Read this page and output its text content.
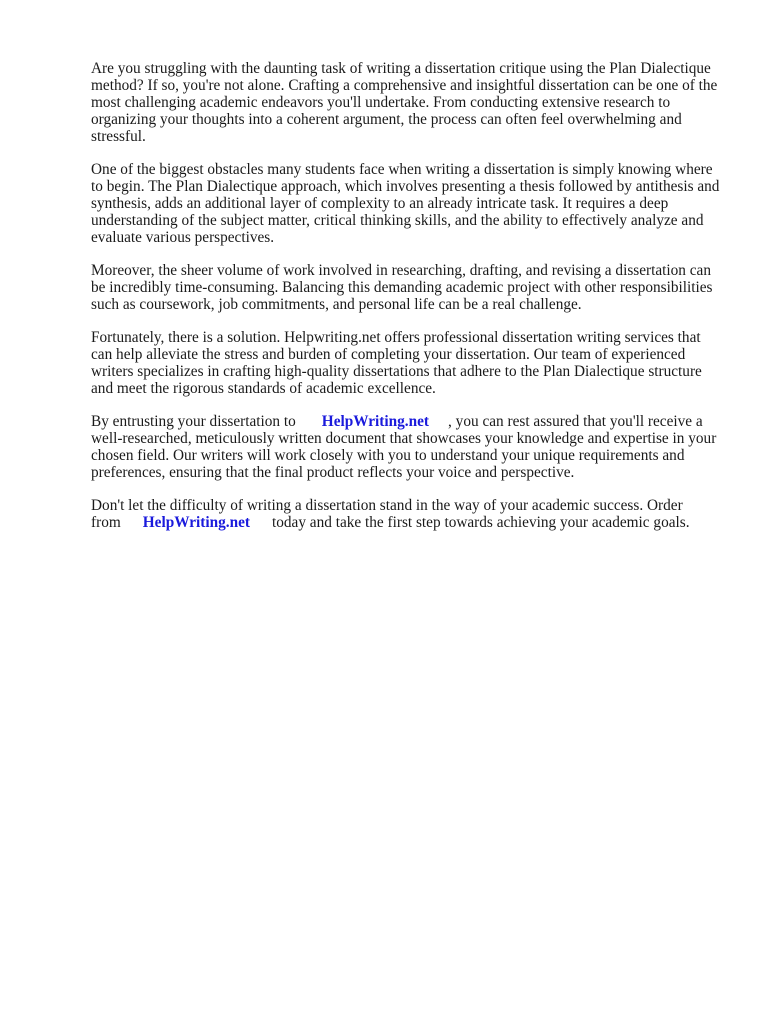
Are you struggling with the daunting task of writing a dissertation critique using the Plan Dialectique method? If so, you're not alone. Crafting a comprehensive and insightful dissertation can be one of the most challenging academic endeavors you'll undertake. From conducting extensive research to organizing your thoughts into a coherent argument, the process can often feel overwhelming and stressful.

One of the biggest obstacles many students face when writing a dissertation is simply knowing where to begin. The Plan Dialectique approach, which involves presenting a thesis followed by antithesis and synthesis, adds an additional layer of complexity to an already intricate task. It requires a deep understanding of the subject matter, critical thinking skills, and the ability to effectively analyze and evaluate various perspectives.

Moreover, the sheer volume of work involved in researching, drafting, and revising a dissertation can be incredibly time-consuming. Balancing this demanding academic project with other responsibilities such as coursework, job commitments, and personal life can be a real challenge.

Fortunately, there is a solution. Helpwriting.net offers professional dissertation writing services that can help alleviate the stress and burden of completing your dissertation. Our team of experienced writers specializes in crafting high-quality dissertations that adhere to the Plan Dialectique structure and meet the rigorous standards of academic excellence.

By entrusting your dissertation to HelpWriting.net , you can rest assured that you'll receive a well-researched, meticulously written document that showcases your knowledge and expertise in your chosen field. Our writers will work closely with you to understand your unique requirements and preferences, ensuring that the final product reflects your voice and perspective.

Don't let the difficulty of writing a dissertation stand in the way of your academic success. Order from HelpWriting.net today and take the first step towards achieving your academic goals.
